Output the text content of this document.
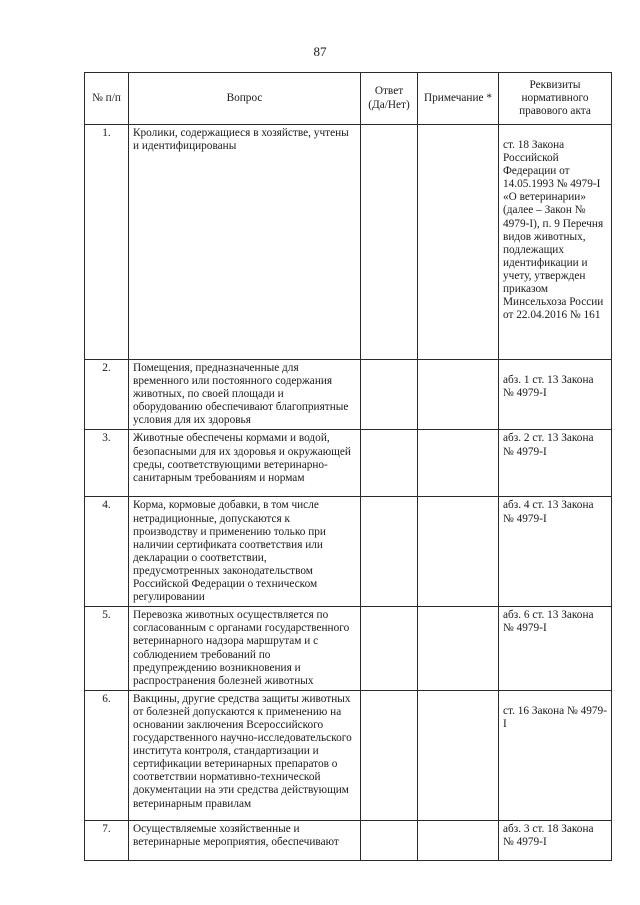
87
№ п/п	Вопрос	Ответ (Да/Нет)	Примечание *	Реквизиты нормативного правового акта
1.	Кролики, содержащиеся в хозяйстве, учтены и идентифицированы			ст. 18 Закона Российской Федерации от 14.05.1993 № 4979-I «О ветеринарии» (далее – Закон № 4979-I), п. 9 Перечня видов животных, подлежащих идентификации и учету, утвержден приказом Минсельхоза России от 22.04.2016 № 161
2.	Помещения, предназначенные для временного или постоянного содержания животных, по своей площади и оборудованию обеспечивают благоприятные условия для их здоровья			абз. 1 ст. 13 Закона № 4979-I
3.	Животные обеспечены кормами и водой, безопасными для их здоровья и окружающей среды, соответствующими ветеринарно-санитарным требованиям и нормам			абз. 2 ст. 13 Закона № 4979-I
4.	Корма, кормовые добавки, в том числе нетрадиционные, допускаются к производству и применению только при наличии сертификата соответствия или декларации о соответствии, предусмотренных законодательством Российской Федерации о техническом регулировании			абз. 4 ст. 13 Закона № 4979-I
5.	Перевозка животных осуществляется по согласованным с органами государственного ветеринарного надзора маршрутам и с соблюдением требований по предупреждению возникновения и распространения болезней животных			абз. 6 ст. 13 Закона № 4979-I
6.	Вакцины, другие средства защиты животных от болезней допускаются к применению на основании заключения Всероссийского государственного научно-исследовательского института контроля, стандартизации и сертификации ветеринарных препаратов о соответствии нормативно-технической документации на эти средства действующим ветеринарным правилам			ст. 16 Закона № 4979-I
7.	Осуществляемые хозяйственные и ветеринарные мероприятия, обеспечивают			абз. 3 ст. 18 Закона № 4979-I
